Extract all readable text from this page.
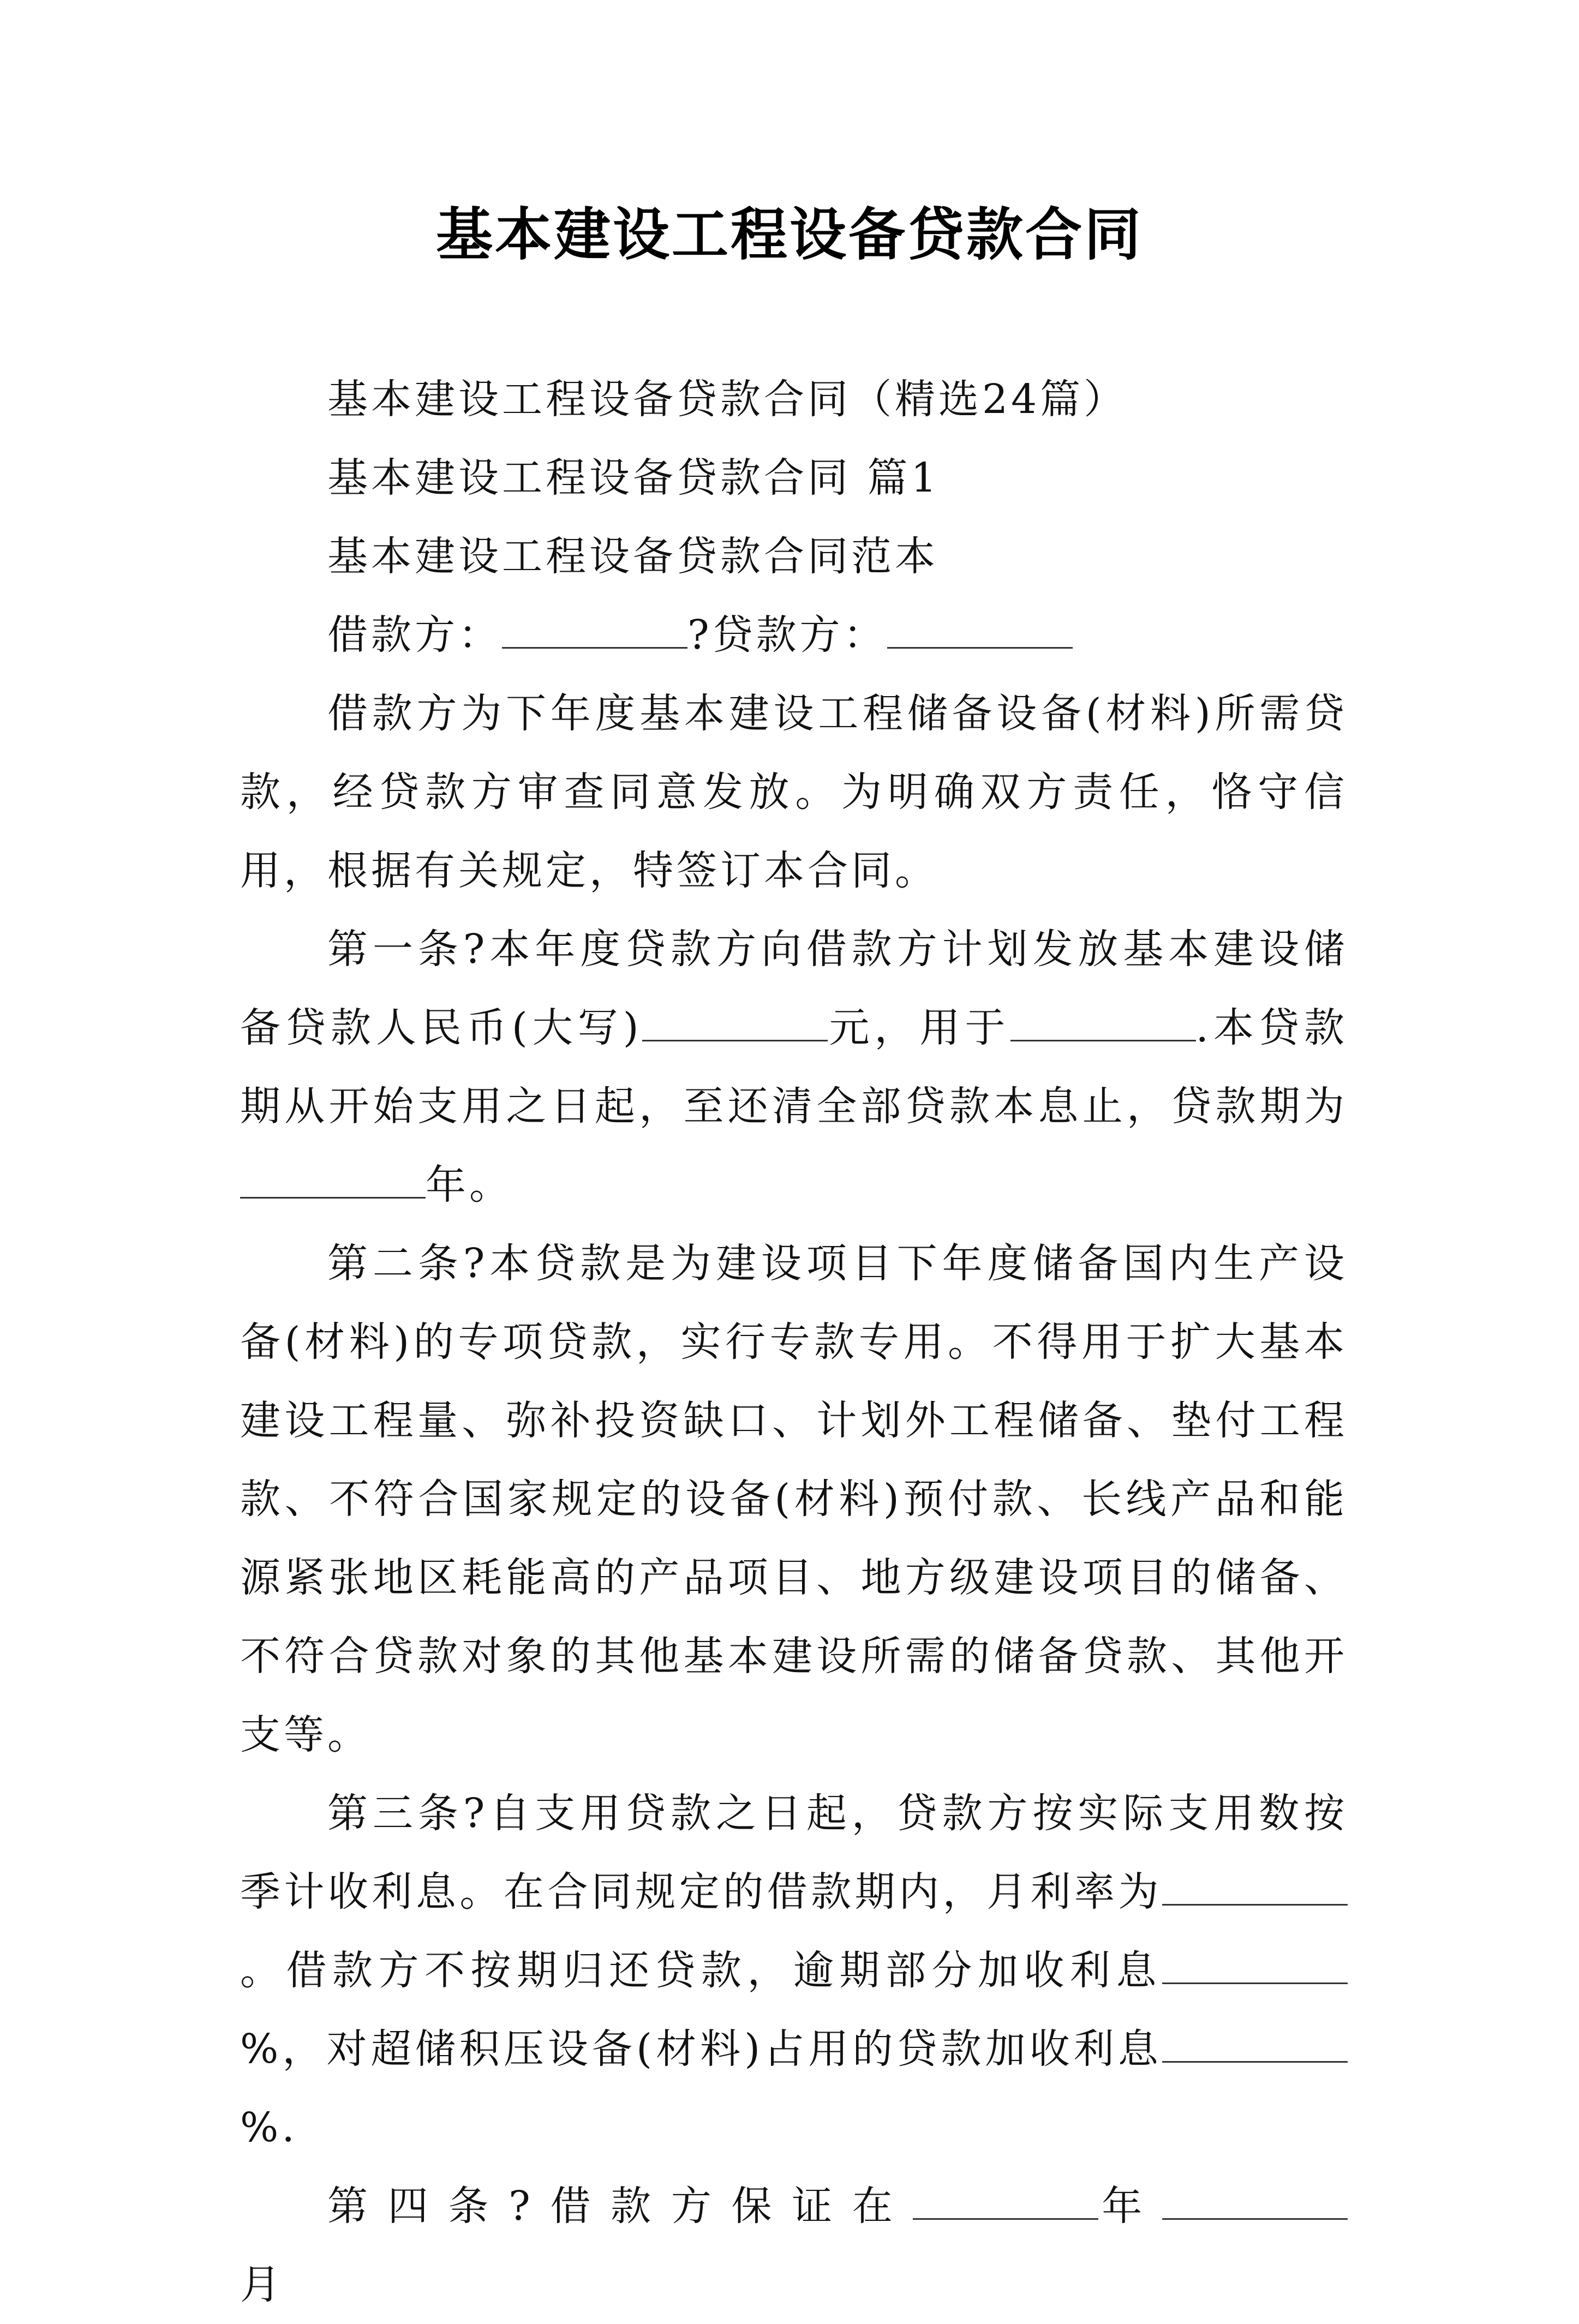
基本建设工程设备贷款合同

基本建设工程设备贷款合同（精选24篇）

基本建设工程设备贷款合同 篇1

基本建设工程设备贷款合同范本

借款方：	?贷款方：

借款方为下年度基本建设工程储备设备(材料)所需贷款，经贷款方审查同意发放。为明确双方责任，恪守信用，根据有关规定，特签订本合同。

第一条?本年度贷款方向借款方计划发放基本建设储备贷款人民币(大写)	元，用于	.本贷款期从开始支用之日起，至还清全部贷款本息止，贷款期为年。

第二条?本贷款是为建设项目下年度储备国内生产设备(材料)的专项贷款，实行专款专用。不得用于扩大基本建设工程量、弥补投资缺口、计划外工程储备、垫付工程款、不符合国家规定的设备(材料)预付款、长线产品和能源紧张地区耗能高的产品项目、地方级建设项目的储备、不符合贷款对象的其他基本建设所需的储备贷款、其他开支等。

第三条?自支用贷款之日起，贷款方按实际支用数按季计收利息。在合同规定的借款期内，月利率为。借款方不按期归还贷款，逾期部分加收利息%，对超储积压设备(材料)占用的贷款加收利息%.

第四条?借款方保证在	年月
